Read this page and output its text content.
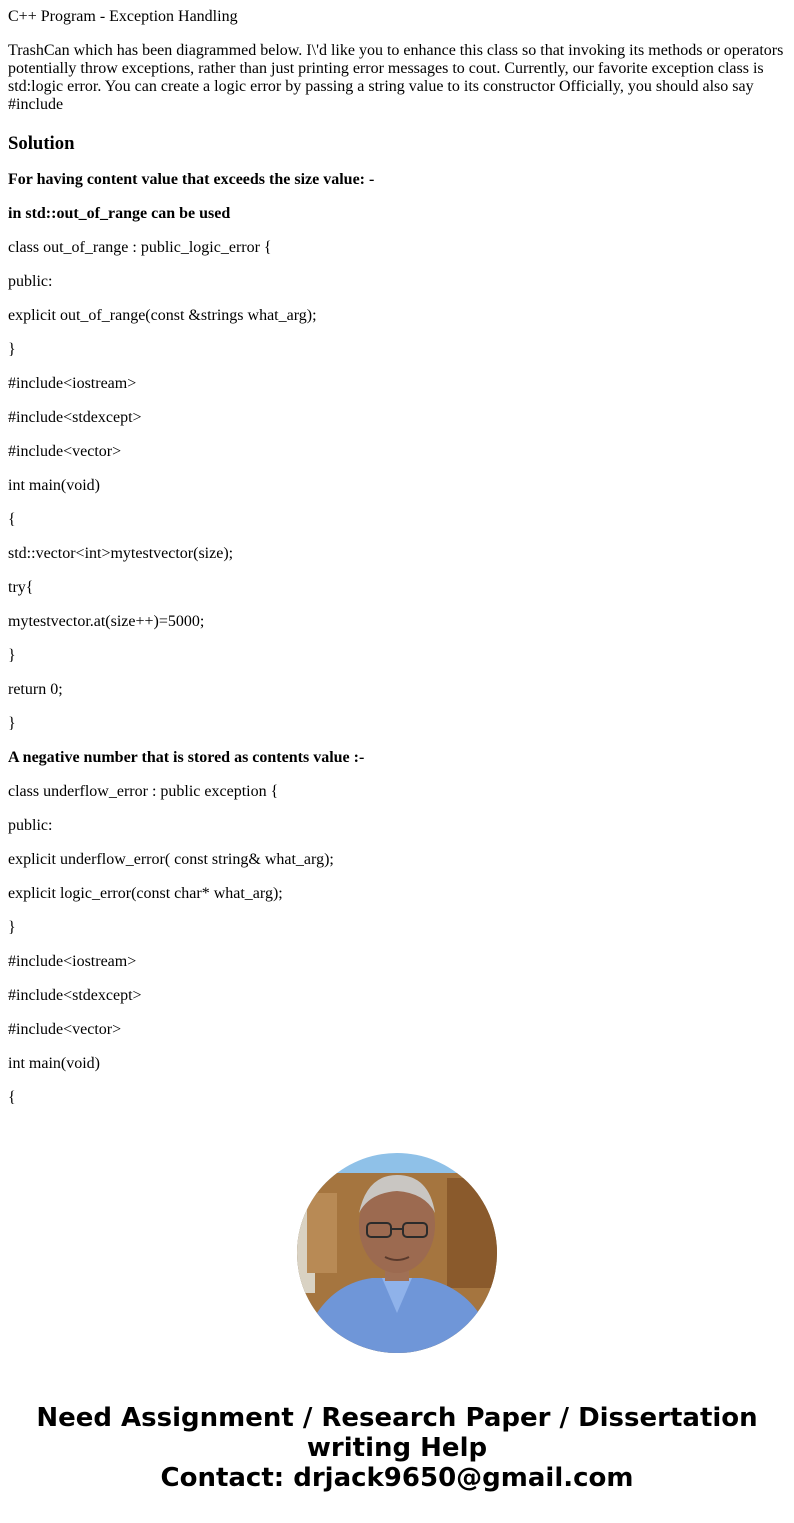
C++ Program - Exception Handling

TrashCan which has been diagrammed below. I\'d like you to enhance this class so that invoking its methods or operators potentially throw exceptions, rather than just printing error messages to cout. Currently, our favorite exception class is std:logic error. You can create a logic error by passing a string value to its constructor Officially, you should also say #include

Solution

For having content value that exceeds the size value: -

in std::out_of_range can be used

class out_of_range : public_logic_error {

public:

explicit out_of_range(const &strings what_arg);

}

#include<iostream>

#include<stdexcept>

#include<vector>

int main(void)

{

std::vector<int>mytestvector(size);

try{

mytestvector.at(size++)=5000;

}

return 0;

}

A negative number that is stored as contents value :-

class underflow_error : public exception {

public:

explicit underflow_error( const string& what_arg);

explicit logic_error(const char* what_arg);

}

#include<iostream>

#include<stdexcept>

#include<vector>

int main(void)

{

Need Assignment / Research Paper / Dissertation
writing Help
Contact: drjack9650@gmail.com
